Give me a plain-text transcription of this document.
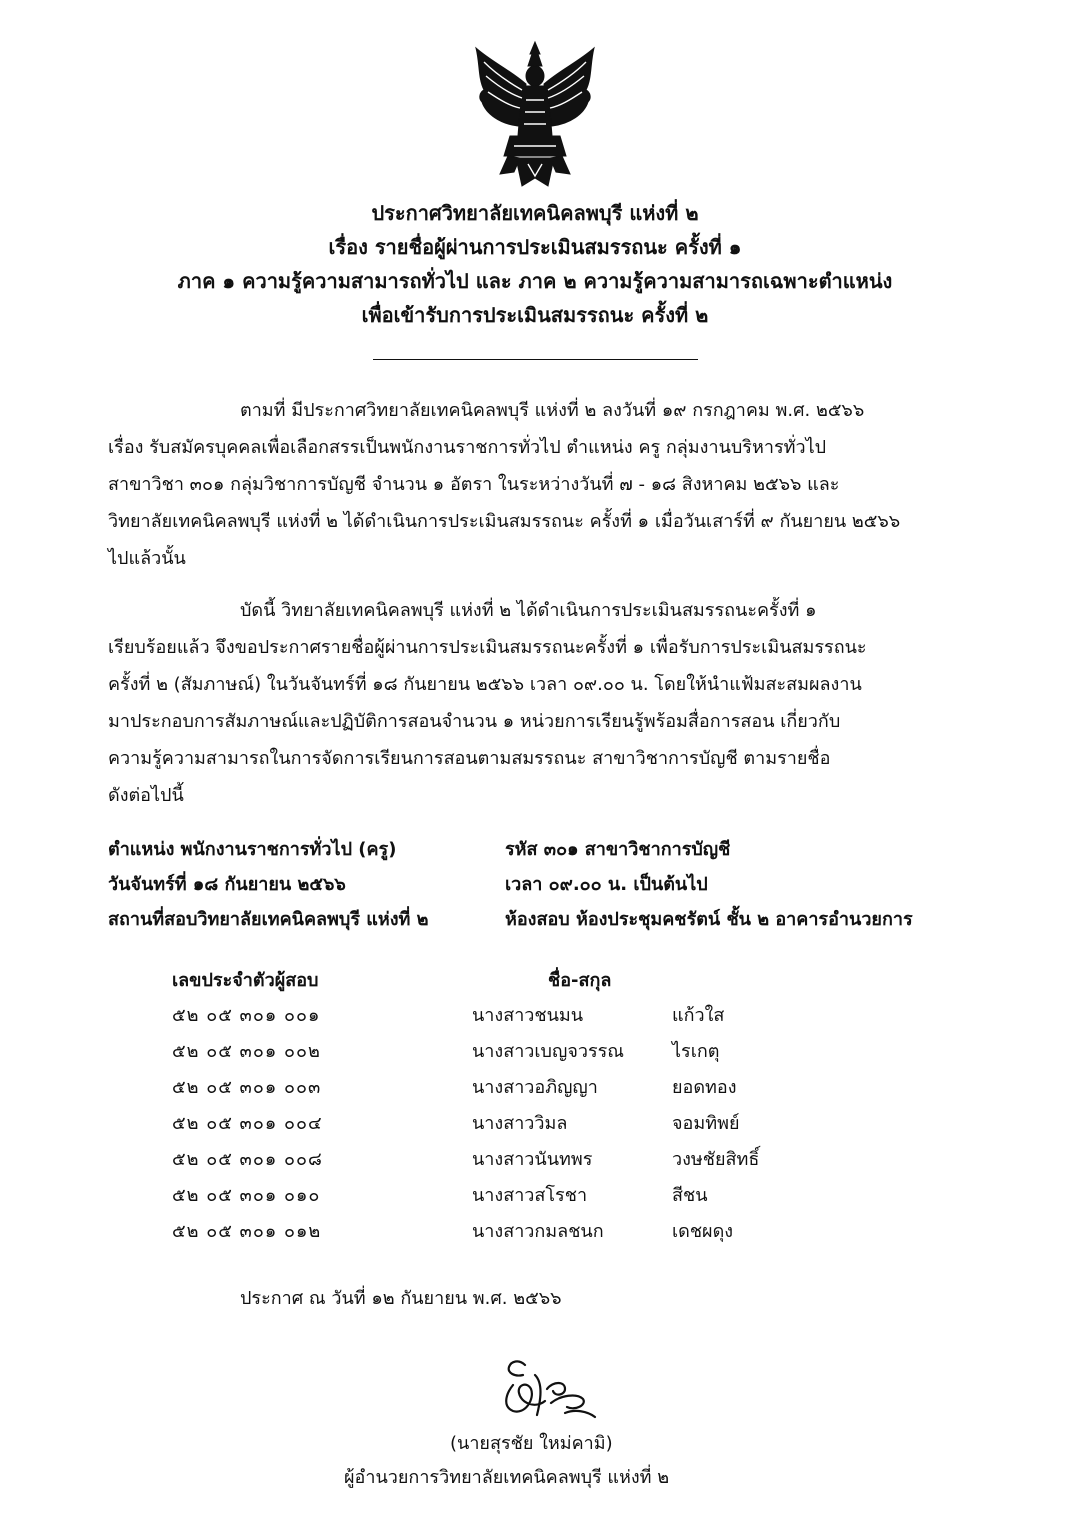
ประกาศวิทยาลัยเทคนิคลพบุรี แห่งที่ ๒
เรื่อง รายชื่อผู้ผ่านการประเมินสมรรถนะ ครั้งที่ ๑
ภาค ๑ ความรู้ความสามารถทั่วไป และ ภาค ๒ ความรู้ความสามารถเฉพาะตำแหน่ง
เพื่อเข้ารับการประเมินสมรรถนะ ครั้งที่ ๒
ตามที่ มีประกาศวิทยาลัยเทคนิคลพบุรี แห่งที่ ๒ ลงวันที่ ๑๙ กรกฎาคม พ.ศ. ๒๕๖๖
เรื่อง รับสมัครบุคคลเพื่อเลือกสรรเป็นพนักงานราชการทั่วไป ตำแหน่ง ครู กลุ่มงานบริหารทั่วไป
สาขาวิชา ๓๐๑ กลุ่มวิชาการบัญชี จำนวน ๑ อัตรา ในระหว่างวันที่ ๗ - ๑๘ สิงหาคม ๒๕๖๖ และ
วิทยาลัยเทคนิคลพบุรี แห่งที่ ๒ ได้ดำเนินการประเมินสมรรถนะ ครั้งที่ ๑ เมื่อวันเสาร์ที่ ๙ กันยายน ๒๕๖๖
ไปแล้วนั้น
บัดนี้ วิทยาลัยเทคนิคลพบุรี แห่งที่ ๒ ได้ดำเนินการประเมินสมรรถนะครั้งที่ ๑
เรียบร้อยแล้ว จึงขอประกาศรายชื่อผู้ผ่านการประเมินสมรรถนะครั้งที่ ๑ เพื่อรับการประเมินสมรรถนะ
ครั้งที่ ๒ (สัมภาษณ์) ในวันจันทร์ที่ ๑๘ กันยายน ๒๕๖๖ เวลา ๐๙.๐๐ น. โดยให้นำแฟ้มสะสมผลงาน
มาประกอบการสัมภาษณ์และปฏิบัติการสอนจำนวน ๑ หน่วยการเรียนรู้พร้อมสื่อการสอน เกี่ยวกับ
ความรู้ความสามารถในการจัดการเรียนการสอนตามสมรรถนะ สาขาวิชาการบัญชี ตามรายชื่อ
ดังต่อไปนี้
ตำแหน่ง พนักงานราชการทั่วไป (ครู)	รหัส ๓๐๑ สาขาวิชาการบัญชี
วันจันทร์ที่ ๑๘ กันยายน ๒๕๖๖	เวลา ๐๙.๐๐ น. เป็นต้นไป
สถานที่สอบวิทยาลัยเทคนิคลพบุรี แห่งที่ ๒	ห้องสอบ ห้องประชุมคชรัตน์ ชั้น ๒ อาคารอำนวยการ
เลขประจำตัวผู้สอบ	ชื่อ-สกุล
๕๒ ๐๕ ๓๐๑ ๐๐๑	นางสาวชนมน	แก้วใส
๕๒ ๐๕ ๓๐๑ ๐๐๒	นางสาวเบญจวรรณ	ไรเกตุ
๕๒ ๐๕ ๓๐๑ ๐๐๓	นางสาวอภิญญา	ยอดทอง
๕๒ ๐๕ ๓๐๑ ๐๐๔	นางสาววิมล	จอมทิพย์
๕๒ ๐๕ ๓๐๑ ๐๐๘	นางสาวนันทพร	วงษชัยสิทธิ์
๕๒ ๐๕ ๓๐๑ ๐๑๐	นางสาวสโรชา	สีชน
๕๒ ๐๕ ๓๐๑ ๐๑๒	นางสาวกมลชนก	เดชผดุง
ประกาศ ณ วันที่ ๑๒ กันยายน พ.ศ. ๒๕๖๖
(นายสุรชัย ใหม่คามิ)
ผู้อำนวยการวิทยาลัยเทคนิคลพบุรี แห่งที่ ๒
